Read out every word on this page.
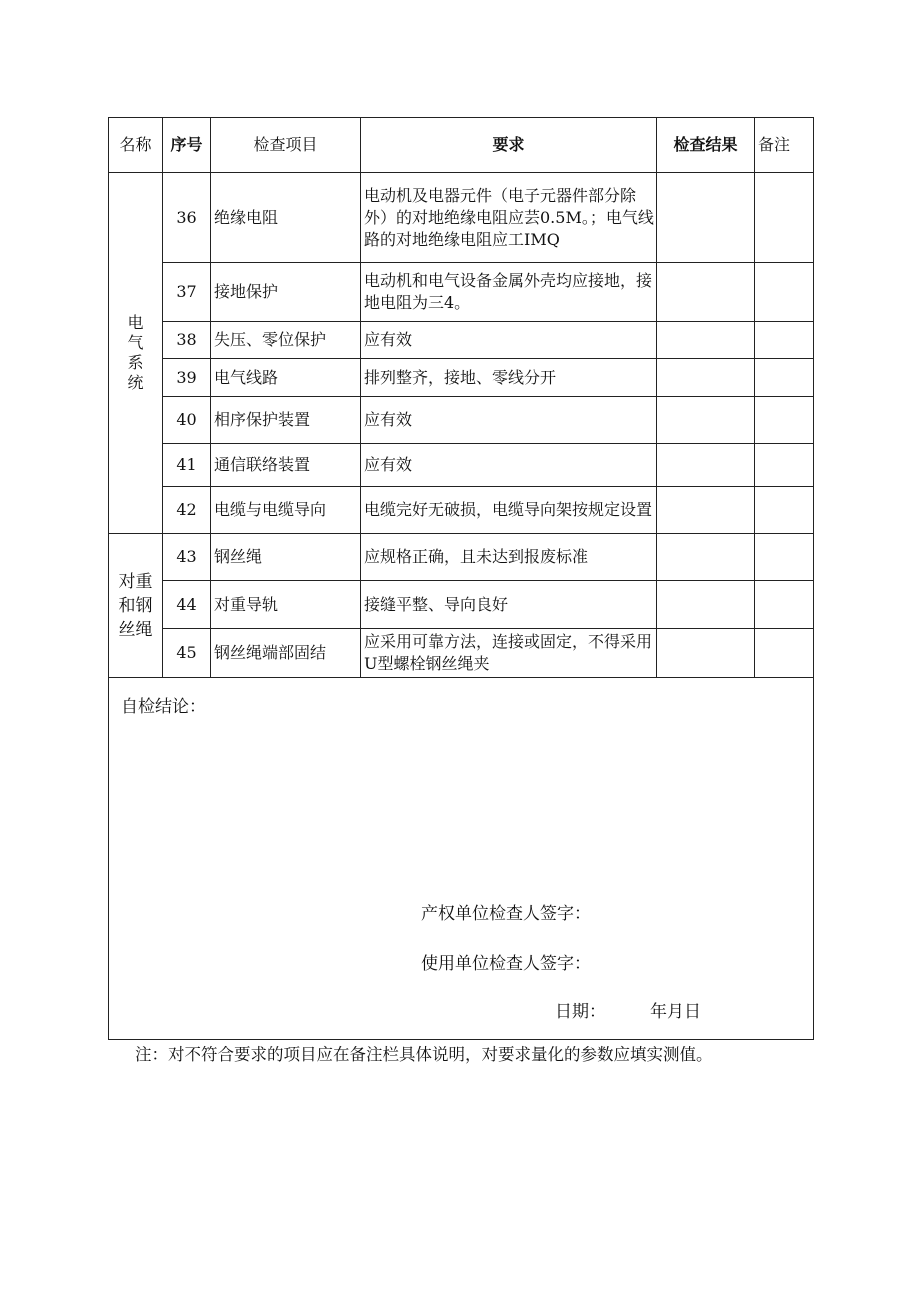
名称	序号	检查项目	要求	检查结果	备注

电气系统	36	绝缘电阻	电动机及电器元件（电子元器件部分除外）的对地绝缘电阻应芸0.5M。；电气线路的对地绝缘电阻应工IMQ		
	37	接地保护	电动机和电气设备金属外壳均应接地，接地电阻为三4。		
	38	失压、零位保护	应有效		
	39	电气线路	排列整齐，接地、零线分开		
	40	相序保护装置	应有效		
	41	通信联络装置	应有效		
	42	电缆与电缆导向	电缆完好无破损，电缆导向架按规定设置		

对重和钢丝绳	43	钢丝绳	应规格正确，且未达到报废标准		
	44	对重导轨	接缝平整、导向良好		
	45	钢丝绳端部固结	应采用可靠方法，连接或固定，不得采用U型螺栓钢丝绳夹		

自检结论：
产权单位检查人签字：
使用单位检查人签字：
日期： 年月日					
注：对不符合要求的项目应在备注栏具体说明，对要求量化的参数应填实测值。
